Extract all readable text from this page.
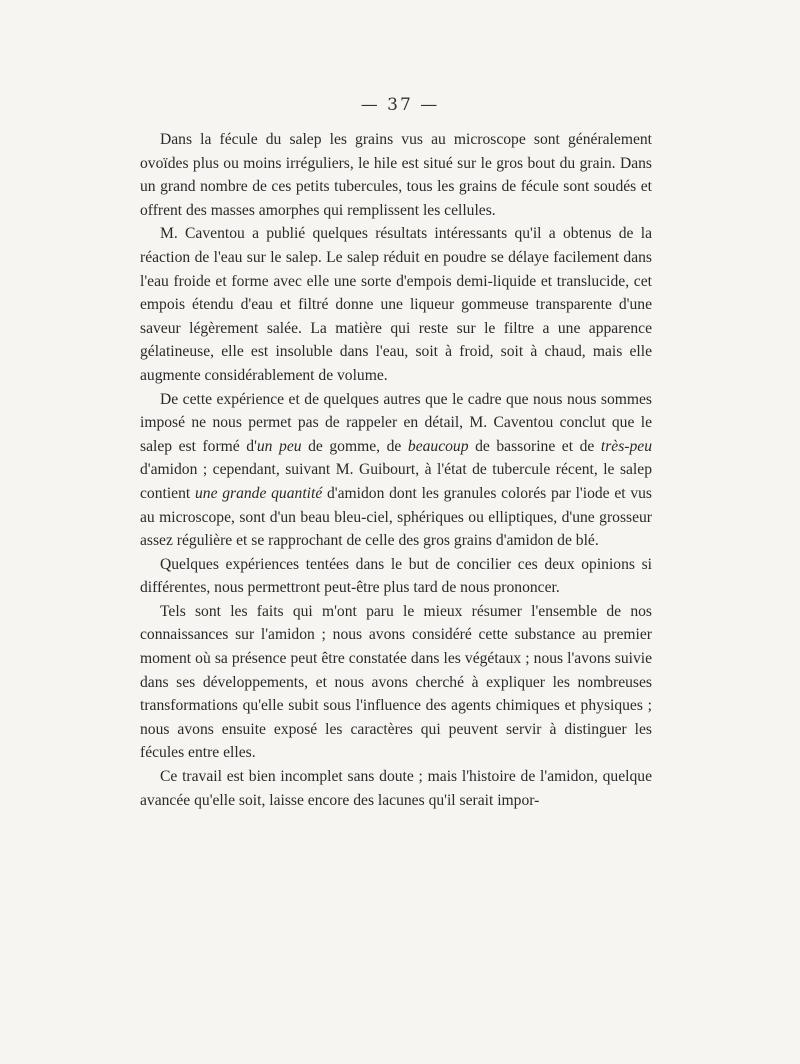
— 37 —

Dans la fécule du salep les grains vus au microscope sont généralement ovoïdes plus ou moins irréguliers, le hile est situé sur le gros bout du grain. Dans un grand nombre de ces petits tubercules, tous les grains de fécule sont soudés et offrent des masses amorphes qui remplissent les cellules.

M. Caventou a publié quelques résultats intéressants qu'il a obtenus de la réaction de l'eau sur le salep. Le salep réduit en poudre se délaye facilement dans l'eau froide et forme avec elle une sorte d'empois demi-liquide et translucide, cet empois étendu d'eau et filtré donne une liqueur gommeuse transparente d'une saveur légèrement salée. La matière qui reste sur le filtre a une apparence gélatineuse, elle est insoluble dans l'eau, soit à froid, soit à chaud, mais elle augmente considérablement de volume.

De cette expérience et de quelques autres que le cadre que nous nous sommes imposé ne nous permet pas de rappeler en détail, M. Caventou conclut que le salep est formé d'un peu de gomme, de beaucoup de bassorine et de très-peu d'amidon ; cependant, suivant M. Guibourt, à l'état de tubercule récent, le salep contient une grande quantité d'amidon dont les granules colorés par l'iode et vus au microscope, sont d'un beau bleu-ciel, sphériques ou elliptiques, d'une grosseur assez régulière et se rapprochant de celle des gros grains d'amidon de blé.

Quelques expériences tentées dans le but de concilier ces deux opinions si différentes, nous permettront peut-être plus tard de nous prononcer.

Tels sont les faits qui m'ont paru le mieux résumer l'ensemble de nos connaissances sur l'amidon ; nous avons considéré cette substance au premier moment où sa présence peut être constatée dans les végétaux ; nous l'avons suivie dans ses développements, et nous avons cherché à expliquer les nombreuses transformations qu'elle subit sous l'influence des agents chimiques et physiques ; nous avons ensuite exposé les caractères qui peuvent servir à distinguer les fécules entre elles.

Ce travail est bien incomplet sans doute ; mais l'histoire de l'amidon, quelque avancée qu'elle soit, laisse encore des lacunes qu'il serait impor-
